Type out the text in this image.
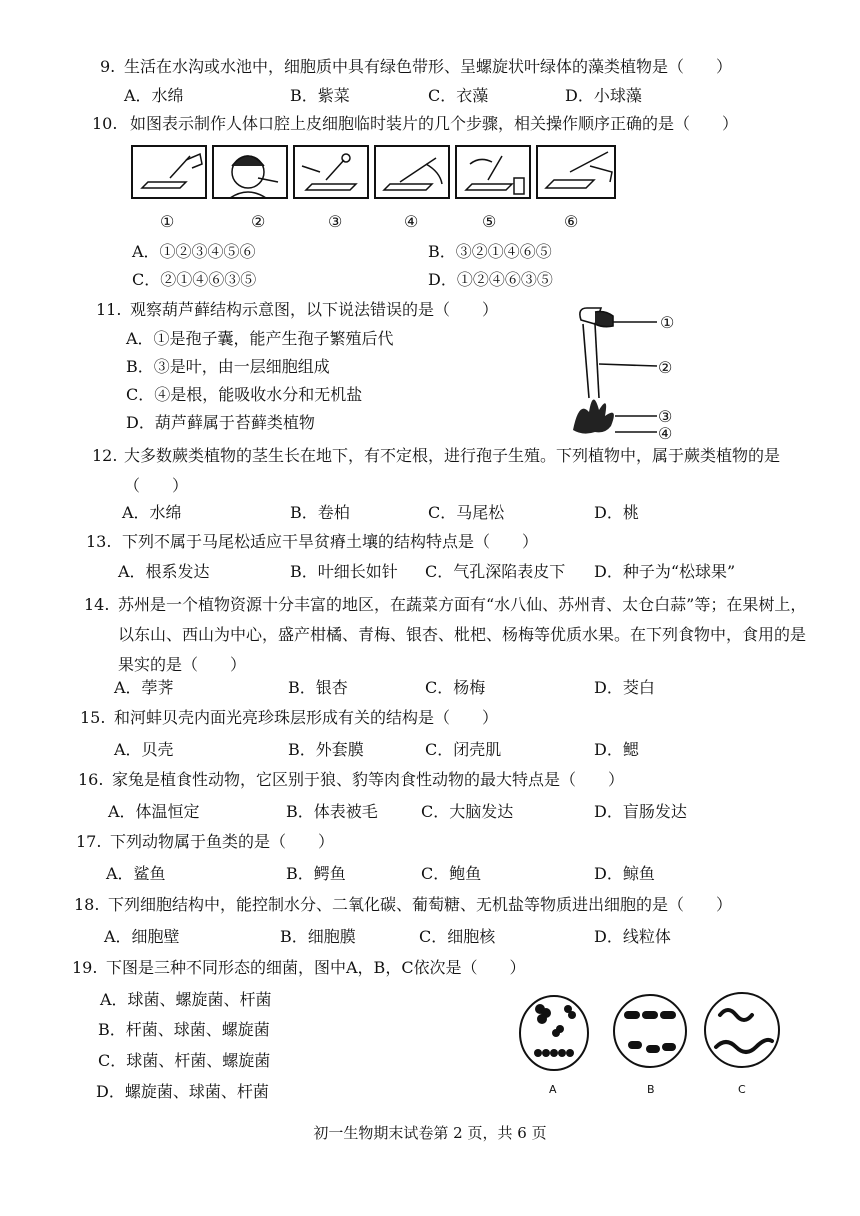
9. 生活在水沟或水池中，细胞质中具有绿色带形、呈螺旋状叶绿体的藻类植物是（　　）
A．水绵	B．紫菜	C．衣藻	D．小球藻
10. 如图表示制作人体口腔上皮细胞临时装片的几个步骤，相关操作顺序正确的是（　　）
①	②	③	④	⑤	⑥
A．①②③④⑤⑥	B．③②①④⑥⑤
C．②①④⑥③⑤	D．①②④⑥③⑤
11. 观察葫芦藓结构示意图，以下说法错误的是（　　）
A．①是孢子囊，能产生孢子繁殖后代
B．③是叶，由一层细胞组成
C．④是根，能吸收水分和无机盐
D．葫芦藓属于苔藓类植物
①
②
③
④
12. 大多数蕨类植物的茎生长在地下，有不定根，进行孢子生殖。下列植物中，属于蕨类植物的是（　　）
A．水绵	B．卷柏	C．马尾松	D．桃
13. 下列不属于马尾松适应干旱贫瘠土壤的结构特点是（　　）
A．根系发达	B．叶细长如针 C．气孔深陷表皮下 D．种子为“松球果”
14. 苏州是一个植物资源十分丰富的地区，在蔬菜方面有“水八仙、苏州青、太仓白蒜”等；在果树上，以东山、西山为中心，盛产柑橘、青梅、银杏、枇杷、杨梅等优质水果。在下列食物中，食用的是果实的是（　　）
A．荸荠	B．银杏	C．杨梅	D．茭白
15. 和河蚌贝壳内面光亮珍珠层形成有关的结构是（　　）
A．贝壳	B．外套膜	C．闭壳肌	D．鳃
16. 家兔是植食性动物，它区别于狼、豹等肉食性动物的最大特点是（　　）
A．体温恒定	B．体表被毛	C．大脑发达	D．盲肠发达
17. 下列动物属于鱼类的是（　　）
A．鲨鱼	B．鳄鱼	C．鲍鱼	D．鲸鱼
18. 下列细胞结构中，能控制水分、二氧化碳、葡萄糖、无机盐等物质进出细胞的是（　　）
A．细胞壁	B．细胞膜	C．细胞核	D．线粒体
19. 下图是三种不同形态的细菌，图中A，B，C依次是（　　）
A．球菌、螺旋菌、杆菌
B．杆菌、球菌、螺旋菌
C．球菌、杆菌、螺旋菌
D．螺旋菌、球菌、杆菌	A	B	C
初一生物期末试卷第 2 页，共 6 页
